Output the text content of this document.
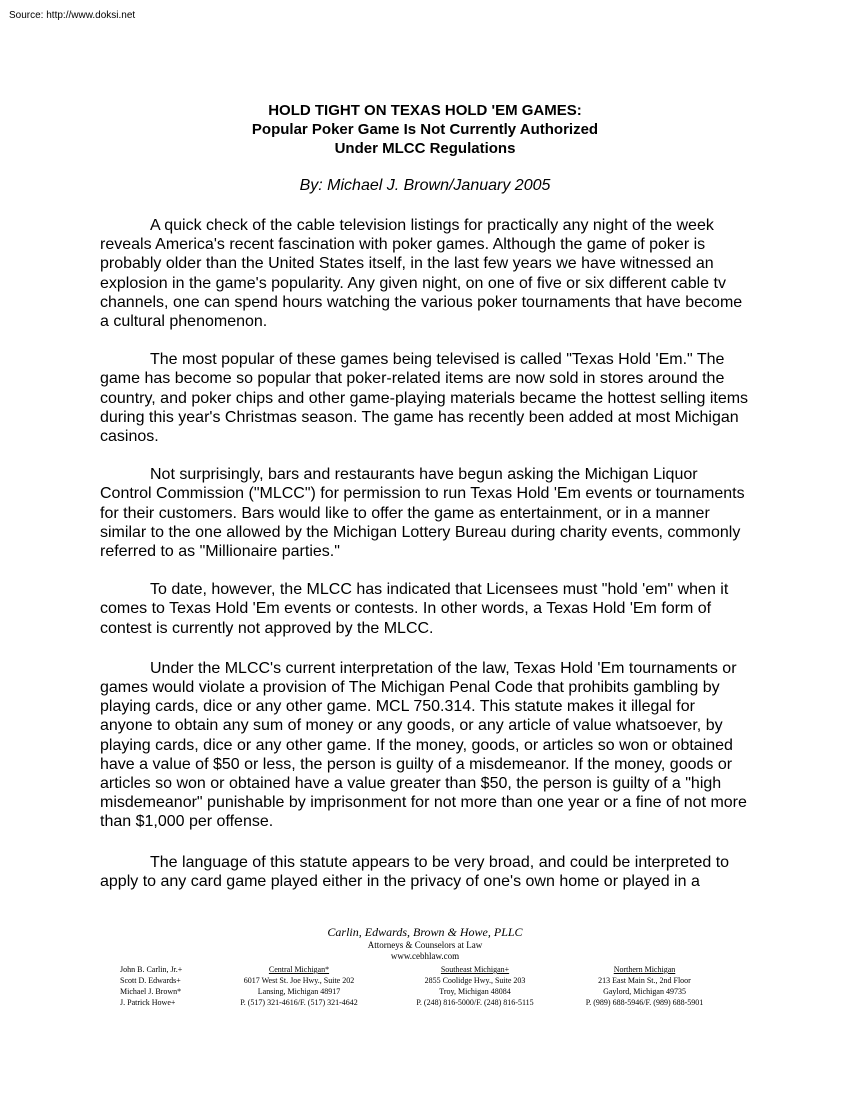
Source: http://www.doksi.net
HOLD TIGHT ON TEXAS HOLD 'EM GAMES:
Popular Poker Game Is Not Currently Authorized
Under MLCC Regulations
By: Michael J. Brown/January 2005

A quick check of the cable television listings for practically any night of the week reveals America's recent fascination with poker games. Although the game of poker is probably older than the United States itself, in the last few years we have witnessed an explosion in the game's popularity. Any given night, on one of five or six different cable tv channels, one can spend hours watching the various poker tournaments that have become a cultural phenomenon.

The most popular of these games being televised is called "Texas Hold 'Em." The game has become so popular that poker-related items are now sold in stores around the country, and poker chips and other game-playing materials became the hottest selling items during this year's Christmas season. The game has recently been added at most Michigan casinos.

Not surprisingly, bars and restaurants have begun asking the Michigan Liquor Control Commission ("MLCC") for permission to run Texas Hold 'Em events or tournaments for their customers. Bars would like to offer the game as entertainment, or in a manner similar to the one allowed by the Michigan Lottery Bureau during charity events, commonly referred to as "Millionaire parties."

To date, however, the MLCC has indicated that Licensees must "hold 'em" when it comes to Texas Hold 'Em events or contests. In other words, a Texas Hold 'Em form of contest is currently not approved by the MLCC.

Under the MLCC's current interpretation of the law, Texas Hold 'Em tournaments or games would violate a provision of The Michigan Penal Code that prohibits gambling by playing cards, dice or any other game. MCL 750.314. This statute makes it illegal for anyone to obtain any sum of money or any goods, or any article of value whatsoever, by playing cards, dice or any other game. If the money, goods, or articles so won or obtained have a value of $50 or less, the person is guilty of a misdemeanor. If the money, goods or articles so won or obtained have a value greater than $50, the person is guilty of a "high misdemeanor" punishable by imprisonment for not more than one year or a fine of not more than $1,000 per offense.

The language of this statute appears to be very broad, and could be interpreted to apply to any card game played either in the privacy of one's own home or played in a

Carlin, Edwards, Brown & Howe, PLLC
Attorneys & Counselors at Law
www.cebhlaw.com
John B. Carlin, Jr.+
Scott D. Edwards+
Michael J. Brown*
J. Patrick Howe+
Central Michigan*
6017 West St. Joe Hwy., Suite 202
Lansing, Michigan 48917
P. (517) 321-4616/F. (517) 321-4642
Southeast Michigan+
2855 Coolidge Hwy., Suite 203
Troy, Michigan 48084
P. (248) 816-5000/F. (248) 816-5115
Northern Michigan
213 East Main St., 2nd Floor
Gaylord, Michigan 49735
P. (989) 688-5946/F. (989) 688-5901
